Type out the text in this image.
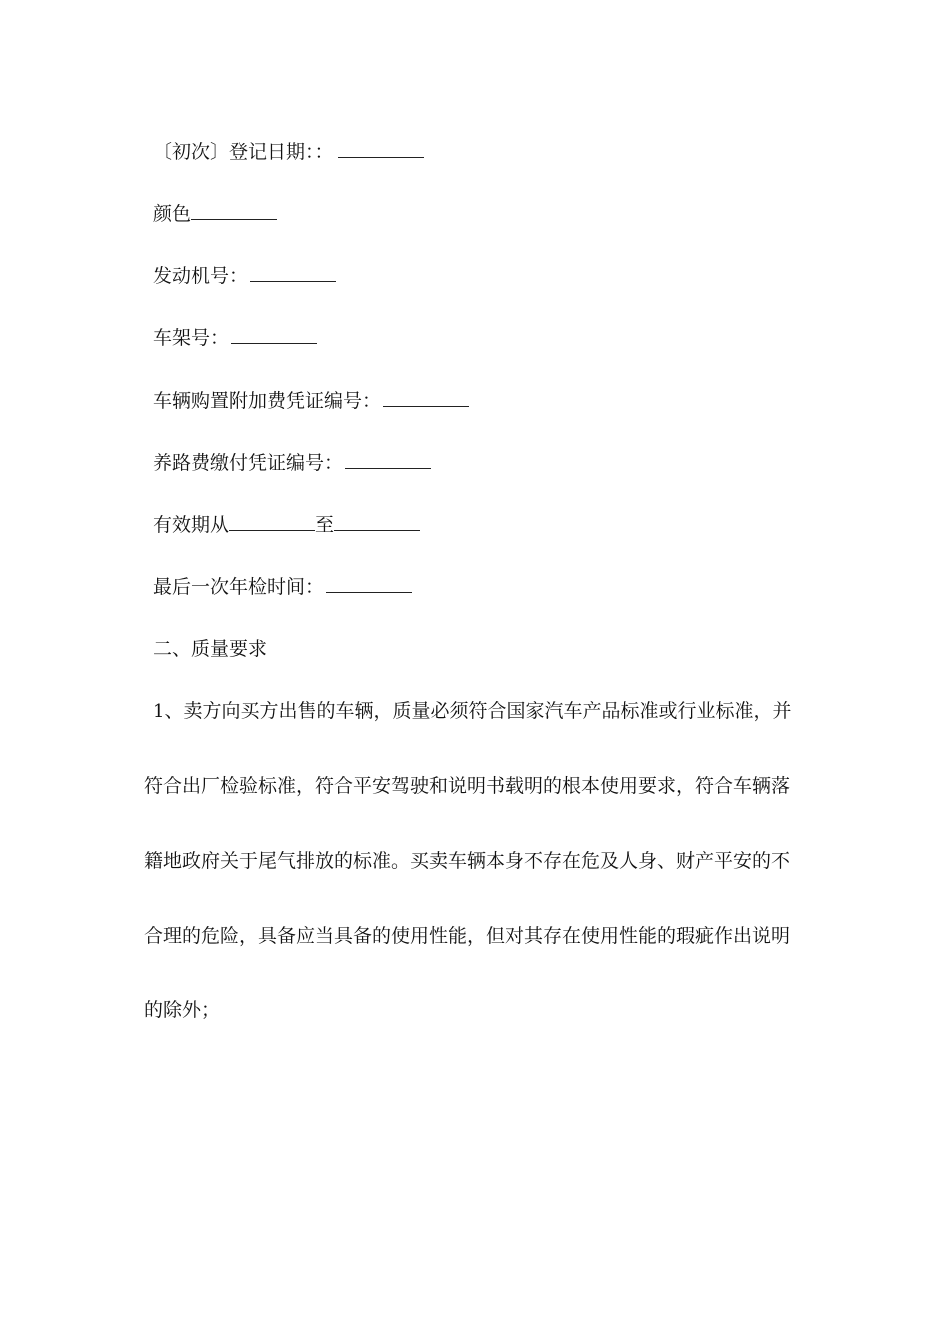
〔初次〕登记日期：：
颜色
发动机号：
车架号：
车辆购置附加费凭证编号：
养路费缴付凭证编号：
有效期从	至
最后一次年检时间：
二、质量要求
1、卖方向买方出售的车辆，质量必须符合国家汽车产品标准或行业标准，并
符合出厂检验标准，符合平安驾驶和说明书载明的根本使用要求，符合车辆落
籍地政府关于尾气排放的标准。买卖车辆本身不存在危及人身、财产平安的不
合理的危险，具备应当具备的使用性能，但对其存在使用性能的瑕疵作出说明
的除外；
